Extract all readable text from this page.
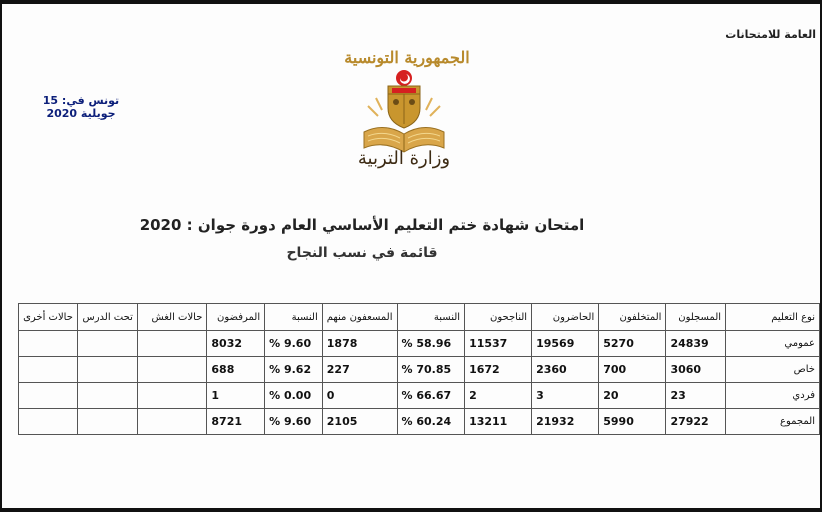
العامة للامتحانات
تونس في: 15 جويلية 2020
الجمهورية التونسية
وزارة التربية
امتحان شهادة ختم التعليم الأساسي العام دورة جوان : 2020
قائمة في نسب النجاح
نوع التعليم	المسجلون	المتخلفون	الحاضرون	الناجحون	النسبة	المسعفون منهم	النسبة	المرفضون	حالات الغش	تحت الدرس	حالات أخرى
عمومي	24839	5270	19569	11537	58.96 %	1878	9.60 %	8032			
خاص	3060	700	2360	1672	70.85 %	227	9.62 %	688			
فردي	23	20	3	2	66.67 %	0	0.00 %	1			
المجموع	27922	5990	21932	13211	60.24 %	2105	9.60 %	8721			
